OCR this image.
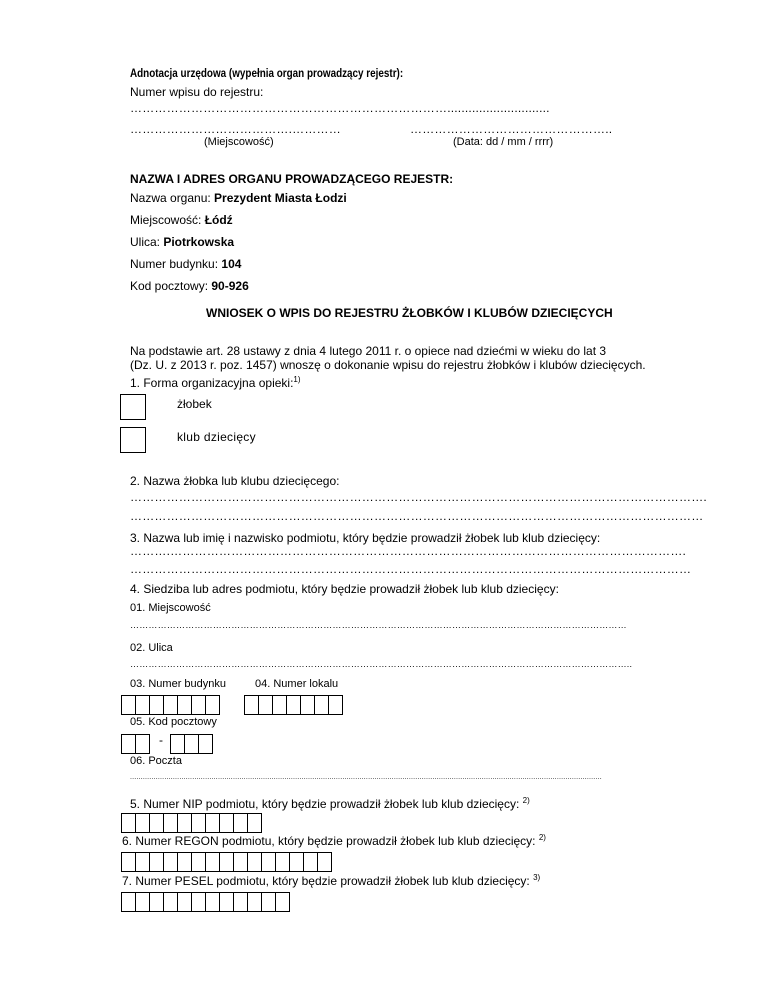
Adnotacja urzędowa (wypełnia organ prowadzący rejestr):
Numer wpisu do rejestru:
…………………………………………………………………….............................
………………………………….…………	…………………………………………..
(Miejscowość)	(Data: dd / mm / rrrr)
NAZWA I ADRES ORGANU PROWADZĄCEGO REJESTR:
Nazwa organu: Prezydent Miasta Łodzi
Miejscowość: Łódź
Ulica: Piotrkowska
Numer budynku: 104
Kod pocztowy: 90-926
WNIOSEK O WPIS DO REJESTRU ŻŁOBKÓW I KLUBÓW DZIECIĘCYCH
Na podstawie art. 28 ustawy z dnia 4 lutego 2011 r. o opiece nad dziećmi w wieku do lat 3
(Dz. U. z 2013 r. poz. 1457) wnoszę o dokonanie wpisu do rejestru żłobków i klubów dziecięcych.
1. Forma organizacyjna opieki:$^{1)}$
żłobek
klub dziecięcy
2. Nazwa żłobka lub klubu dziecięcego:
…………………………………………………………………………………………………………………………….
……………………………………………………………………………………………………………………………
3. Nazwa lub imię i nazwisko podmiotu, który będzie prowadził żłobek lub klub dziecięcy:
……….……………………………………………………………………………………………………………….
…………………………………………………………………………………………………………………………
4. Siedziba lub adres podmiotu, który będzie prowadził żłobek lub klub dziecięcy:
01. Miejscowość
………………………………………………………………………………………………………………………………………………
02. Ulica
………………………………………………………………………………………………………………………………………………..
03. Numer budynku	04. Numer lokalu
05. Kod pocztowy
-
06. Poczta
............................................................................................................................................................................................................................
5. Numer NIP podmiotu, który będzie prowadził żłobek lub klub dziecięcy: $^{2)}$
6. Numer REGON podmiotu, który będzie prowadził żłobek lub klub dziecięcy: $^{2)}$
7. Numer PESEL podmiotu, który będzie prowadził żłobek lub klub dziecięcy: $^{3)}$
